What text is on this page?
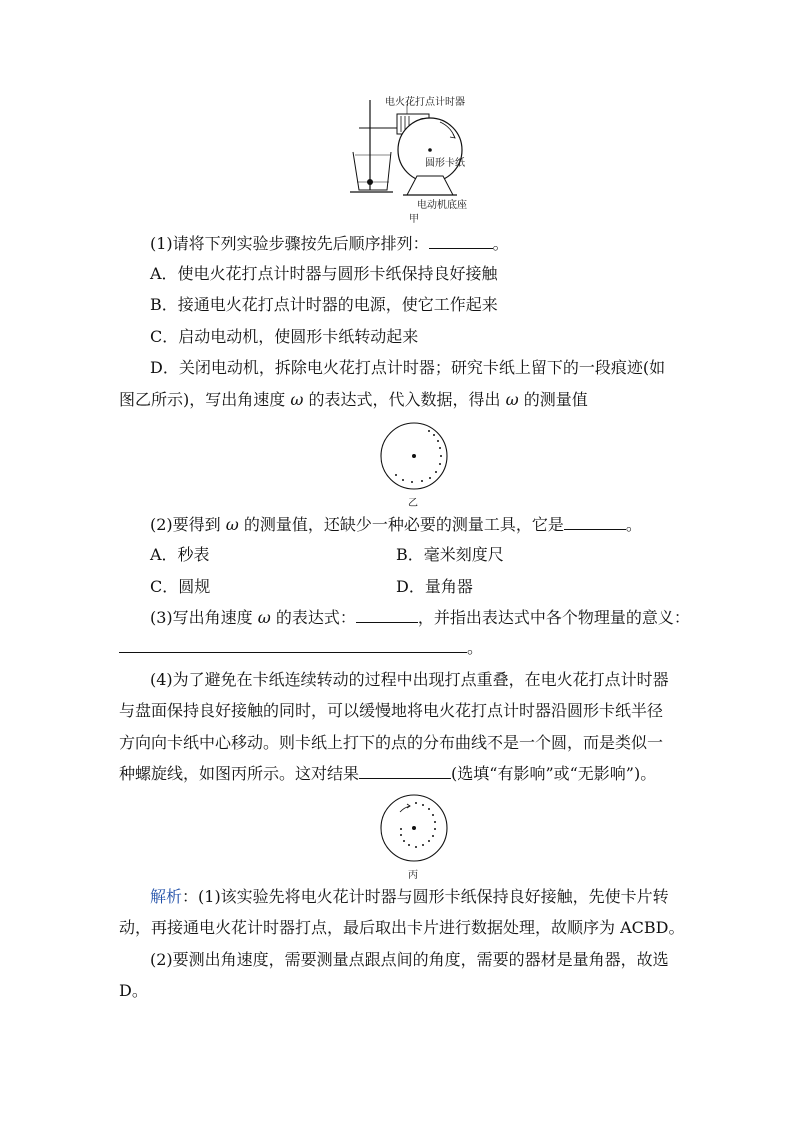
电火花打点计时器
圆形卡纸
电动机底座
甲
(1)请将下列实验步骤按先后顺序排列：	。
A．使电火花打点计时器与圆形卡纸保持良好接触
B．接通电火花打点计时器的电源，使它工作起来
C．启动电动机，使圆形卡纸转动起来
D．关闭电动机，拆除电火花打点计时器；研究卡纸上留下的一段痕迹(如
图乙所示)，写出角速度 ω 的表达式，代入数据，得出 ω 的测量值
乙
(2)要得到 ω 的测量值，还缺少一种必要的测量工具，它是	。
A．秒表	B．毫米刻度尺
C．圆规	D．量角器
(3)写出角速度 ω 的表达式：	，并指出表达式中各个物理量的意义：
。
(4)为了避免在卡纸连续转动的过程中出现打点重叠，在电火花打点计时器
与盘面保持良好接触的同时，可以缓慢地将电火花打点计时器沿圆形卡纸半径
方向向卡纸中心移动。则卡纸上打下的点的分布曲线不是一个圆，而是类似一
种螺旋线，如图丙所示。这对结果	(选填“有影响”或“无影响”)。
丙
解析：(1)该实验先将电火花计时器与圆形卡纸保持良好接触，先使卡片转
动，再接通电火花计时器打点，最后取出卡片进行数据处理，故顺序为 ACBD。
(2)要测出角速度，需要测量点跟点间的角度，需要的器材是量角器，故选
D。
